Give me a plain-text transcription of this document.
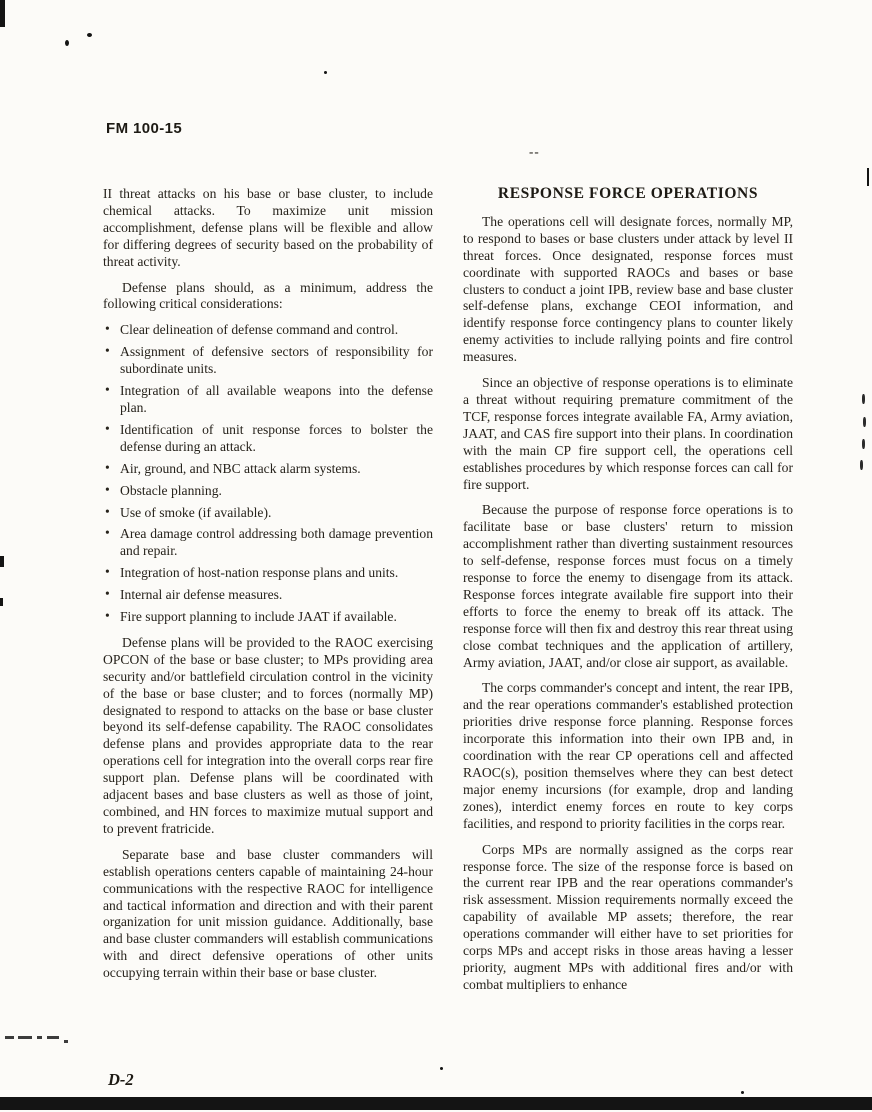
FM 100-15
--

II threat attacks on his base or base cluster, to include chemical attacks. To maximize unit mission accomplishment, defense plans will be flexible and allow for differing degrees of security based on the probability of threat activity.

Defense plans should, as a minimum, address the following critical considerations:

• Clear delineation of defense command and control.
• Assignment of defensive sectors of responsibility for subordinate units.
• Integration of all available weapons into the defense plan.
• Identification of unit response forces to bolster the defense during an attack.
• Air, ground, and NBC attack alarm systems.
• Obstacle planning.
• Use of smoke (if available).
• Area damage control addressing both damage prevention and repair.
• Integration of host-nation response plans and units.
• Internal air defense measures.
• Fire support planning to include JAAT if available.

Defense plans will be provided to the RAOC exercising OPCON of the base or base cluster; to MPs providing area security and/or battlefield circulation control in the vicinity of the base or base cluster; and to forces (normally MP) designated to respond to attacks on the base or base cluster beyond its self-defense capability. The RAOC consolidates defense plans and provides appropriate data to the rear operations cell for integration into the overall corps rear fire support plan. Defense plans will be coordinated with adjacent bases and base clusters as well as those of joint, combined, and HN forces to maximize mutual support and to prevent fratricide.

Separate base and base cluster commanders will establish operations centers capable of maintaining 24-hour communications with the respective RAOC for intelligence and tactical information and direction and with their parent organization for unit mission guidance. Additionally, base and base cluster commanders will establish communications with and direct defensive operations of other units occupying terrain within their base or base cluster.

RESPONSE FORCE OPERATIONS

The operations cell will designate forces, normally MP, to respond to bases or base clusters under attack by level II threat forces. Once designated, response forces must coordinate with supported RAOCs and bases or base clusters to conduct a joint IPB, review base and base cluster self-defense plans, exchange CEOI information, and identify response force contingency plans to counter likely enemy activities to include rallying points and fire control measures.

Since an objective of response operations is to eliminate a threat without requiring premature commitment of the TCF, response forces integrate available FA, Army aviation, JAAT, and CAS fire support into their plans. In coordination with the main CP fire support cell, the operations cell establishes procedures by which response forces can call for fire support.

Because the purpose of response force operations is to facilitate base or base clusters' return to mission accomplishment rather than diverting sustainment resources to self-defense, response forces must focus on a timely response to force the enemy to disengage from its attack. Response forces integrate available fire support into their efforts to force the enemy to break off its attack. The response force will then fix and destroy this rear threat using close combat techniques and the application of artillery, Army aviation, JAAT, and/or close air support, as available.

The corps commander's concept and intent, the rear IPB, and the rear operations commander's established protection priorities drive response force planning. Response forces incorporate this information into their own IPB and, in coordination with the rear CP operations cell and affected RAOC(s), position themselves where they can best detect major enemy incursions (for example, drop and landing zones), interdict enemy forces en route to key corps facilities, and respond to priority facilities in the corps rear.

Corps MPs are normally assigned as the corps rear response force. The size of the response force is based on the current rear IPB and the rear operations commander's risk assessment. Mission requirements normally exceed the capability of available MP assets; therefore, the rear operations commander will either have to set priorities for corps MPs and accept risks in those areas having a lesser priority, augment MPs with additional fires and/or with combat multipliers to enhance

D-2
